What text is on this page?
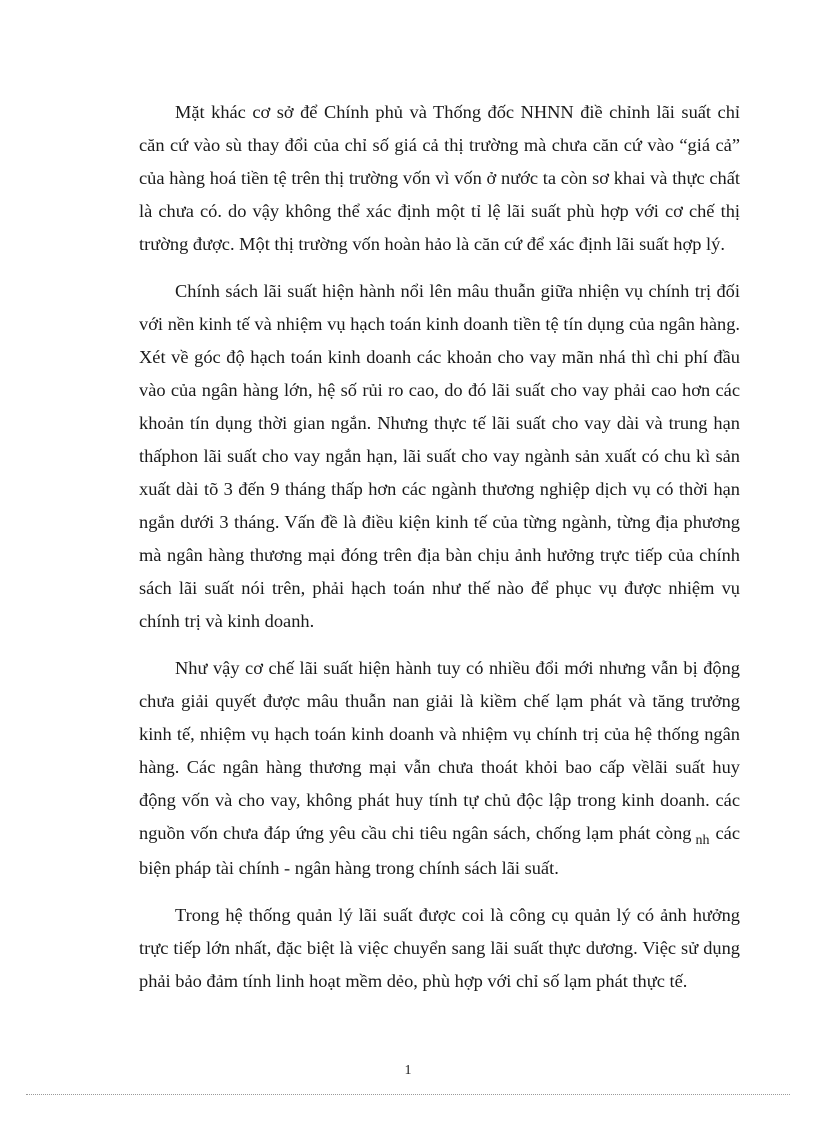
Mặt khác cơ sở để Chính phủ và Thống đốc NHNN điề chỉnh lãi suất chỉ căn cứ vào sù thay đổi của chỉ số giá cả thị trường mà chưa căn cứ vào “giá cả” của hàng hoá tiền tệ trên thị trường vốn vì vốn ở nước ta còn sơ khai và thực chất là chưa có. do vậy không thể xác định một tỉ lệ lãi suất phù hợp với cơ chế thị trường được. Một thị trường vốn hoàn hảo là căn cứ để xác định lãi suất hợp lý.

Chính sách lãi suất hiện hành nổi lên mâu thuẫn giữa nhiện vụ chính trị đối với nền kinh tế và nhiệm vụ hạch toán kinh doanh tiền tệ tín dụng của ngân hàng. Xét về góc độ hạch toán kinh doanh các khoản cho vay mãn nhá thì chi phí đầu vào của ngân hàng lớn, hệ số rủi ro cao, do đó lãi suất cho vay phải cao hơn các khoản tín dụng thời gian ngắn. Nhưng thực tế lãi suất cho vay dài và trung hạn thấphon lãi suất cho vay ngắn hạn, lãi suất cho vay ngành sản xuất có chu kì sản xuất dài tõ 3 đến 9 tháng thấp hơn các ngành thương nghiệp dịch vụ có thời hạn ngắn dưới 3 tháng. Vấn đề là điều kiện kinh tế của từng ngành, từng địa phương mà ngân hàng thương mại đóng trên địa bàn chịu ảnh hưởng trực tiếp của chính sách lãi suất nói trên, phải hạch toán như thế nào để phục vụ được nhiệm vụ chính trị và kinh doanh.

Như vậy cơ chế lãi suất hiện hành tuy có nhiều đổi mới nhưng vẫn bị động chưa giải quyết được mâu thuẫn nan giải là kiềm chế lạm phát và tăng trưởng kinh tế, nhiệm vụ hạch toán kinh doanh và nhiệm vụ chính trị của hệ thống ngân hàng. Các ngân hàng thương mại vẫn chưa thoát khỏi bao cấp vềlãi suất huy động vốn và cho vay, không phát huy tính tự chủ độc lập trong kinh doanh. các nguồn vốn chưa đáp ứng yêu cầu chi tiêu ngân sách, chống lạm phát còng $_{nh}$ các biện pháp tài chính - ngân hàng trong chính sách lãi suất.

Trong hệ thống quản lý lãi suất được coi là công cụ quản lý có ảnh hưởng trực tiếp lớn nhất, đặc biệt là việc chuyển sang lãi suất thực dương. Việc sử dụng phải bảo đảm tính linh hoạt mềm dẻo, phù hợp với chỉ số lạm phát thực tế.

1
